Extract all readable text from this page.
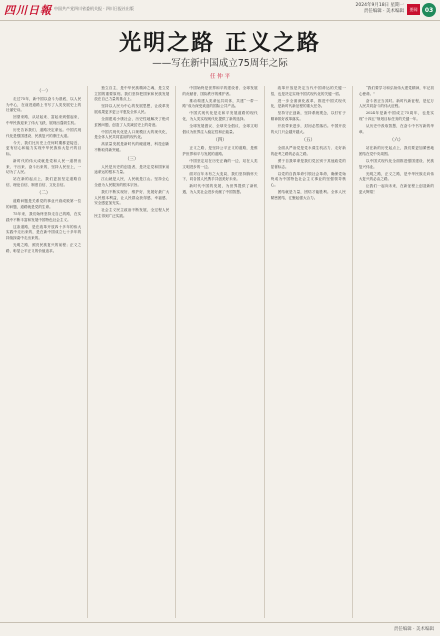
四川日報 中国共产党四川省委机关报 · 四川日报社出版
2024年9月18日 星期一
责任编辑 · 美术编辑	要闻	03
光明之路 正义之路
——写在新中国成立75周年之际
任 仲 平
（一）

走过75年，新中国以奋斗为基底，以人民为中心，在前进道路上书写了人类发展史上的壮丽史诗。

回望来路，从站起来、富起来到强起来，中华民族迎来了伟大飞跃，展现出蓬勃生机。

历史告诉我们，道路决定命运。中国式现代化是强国建设、民族复兴的康庄大道。

今天，我们比历史上任何时期都更接近、更有信心和能力实现中华民族伟大复兴的目标。

新时代的伟大成就是党和人民一道拼出来、干出来、奋斗出来的，坚持人民至上，一切为了人民。

站在新的起点上，我们更加坚定道路自信、理论自信、制度自信、文化自信。

（二）

道路问题是关系党的事业兴衰成败第一位的问题，道路就是党的生命。

75年来，我们始终坚持走自己的路，在实践中不断丰富和发展中国特色社会主义。

这条道路，是在改革开放四十多年的伟大实践中走出来的，是在新中国成立七十多年的持续探索中走出来的。

光明之路，照亮民族复兴的前程；正义之路，彰显公平正义的价值追求。

独立自主，是中华民族精神之魂，是立党立国的重要原则。我们坚持把国家和民族发展放在自己力量的基点上。

坚持以人民为中心的发展思想，让改革发展成果更多更公平惠及全体人民。

全面建成小康社会，历史性地解决了绝对贫困问题，创造了人类减贫史上的奇迹。

中国式现代化是人口规模巨大的现代化，是全体人民共同富裕的现代化。

高质量发展是新时代的硬道理，科技创新不断取得新突破。

（三）

人民是历史的创造者，是决定党和国家前途命运的根本力量。

江山就是人民，人民就是江山。坚持全心全意为人民服务的根本宗旨。

我们不断实现好、维护好、发展好最广大人民根本利益，让人民群众获得感、幸福感、安全感更加充实。

社会主义民主政治不断发展，全过程人民民主得到广泛实践。

中国始终是世界和平的建设者、全球发展的贡献者、国际秩序的维护者。

推动构建人类命运共同体，共建“一带一路”成为深受欢迎的国际公共产品。

中国式现代化是走和平发展道路的现代化，为人类实现现代化提供了新的选择。

全球发展倡议、全球安全倡议、全球文明倡议为世界注入稳定性和正能量。

（四）

正义之路，是坚持公平正义的道路，是维护世界和平与发展的道路。

中国坚定站在历史正确的一边，站在人类文明进步的一边。

面对百年未有之大变局，我们坚持胸怀天下，同各国人民携手共创美好未来。

新时代中国的发展，为世界提供了新机遇，为人类社会进步贡献了中国智慧。

改革开放是决定当代中国命运的关键一招，也是决定实现中国式现代化的关键一招。

进一步全面深化改革，推进中国式现代化，是新时代新征程的重大任务。

坚持守正创新，坚持系统观念，以钉钉子精神抓好改革落实。

开放带来进步，封闭必然落后。中国开放的大门只会越开越大。

（五）

全面从严治党是党永葆生机活力、走好新的赶考之路的必由之路。

勇于自我革命是我们党区别于其他政党的显著标志。

以党的自我革命引领社会革命，确保党始终成为中国特色社会主义事业的坚强领导核心。

团结就是力量，团结才能胜利。全体人民紧密团结，汇聚起强大合力。

“我们要学习和弘扬伟大建党精神，牢记初心使命。”

奋斗者正当其时。新时代新征程，是亿万人民共同奋斗的伟大征程。

2024年是新中国成立75周年，也是实现“十四五”规划目标任务的关键一年。

从历史中汲取智慧，在奋斗中书写新的华章。

（六）

站在新的历史起点上，我们要更加紧密地团结在党中央周围。

以中国式现代化全面推进强国建设、民族复兴伟业。

光明之路，正义之路，是中华民族走向伟大复兴的必由之路。

让我们一起向未来，在新征程上创造新的更大辉煌！

责任编辑 · 美术编辑
